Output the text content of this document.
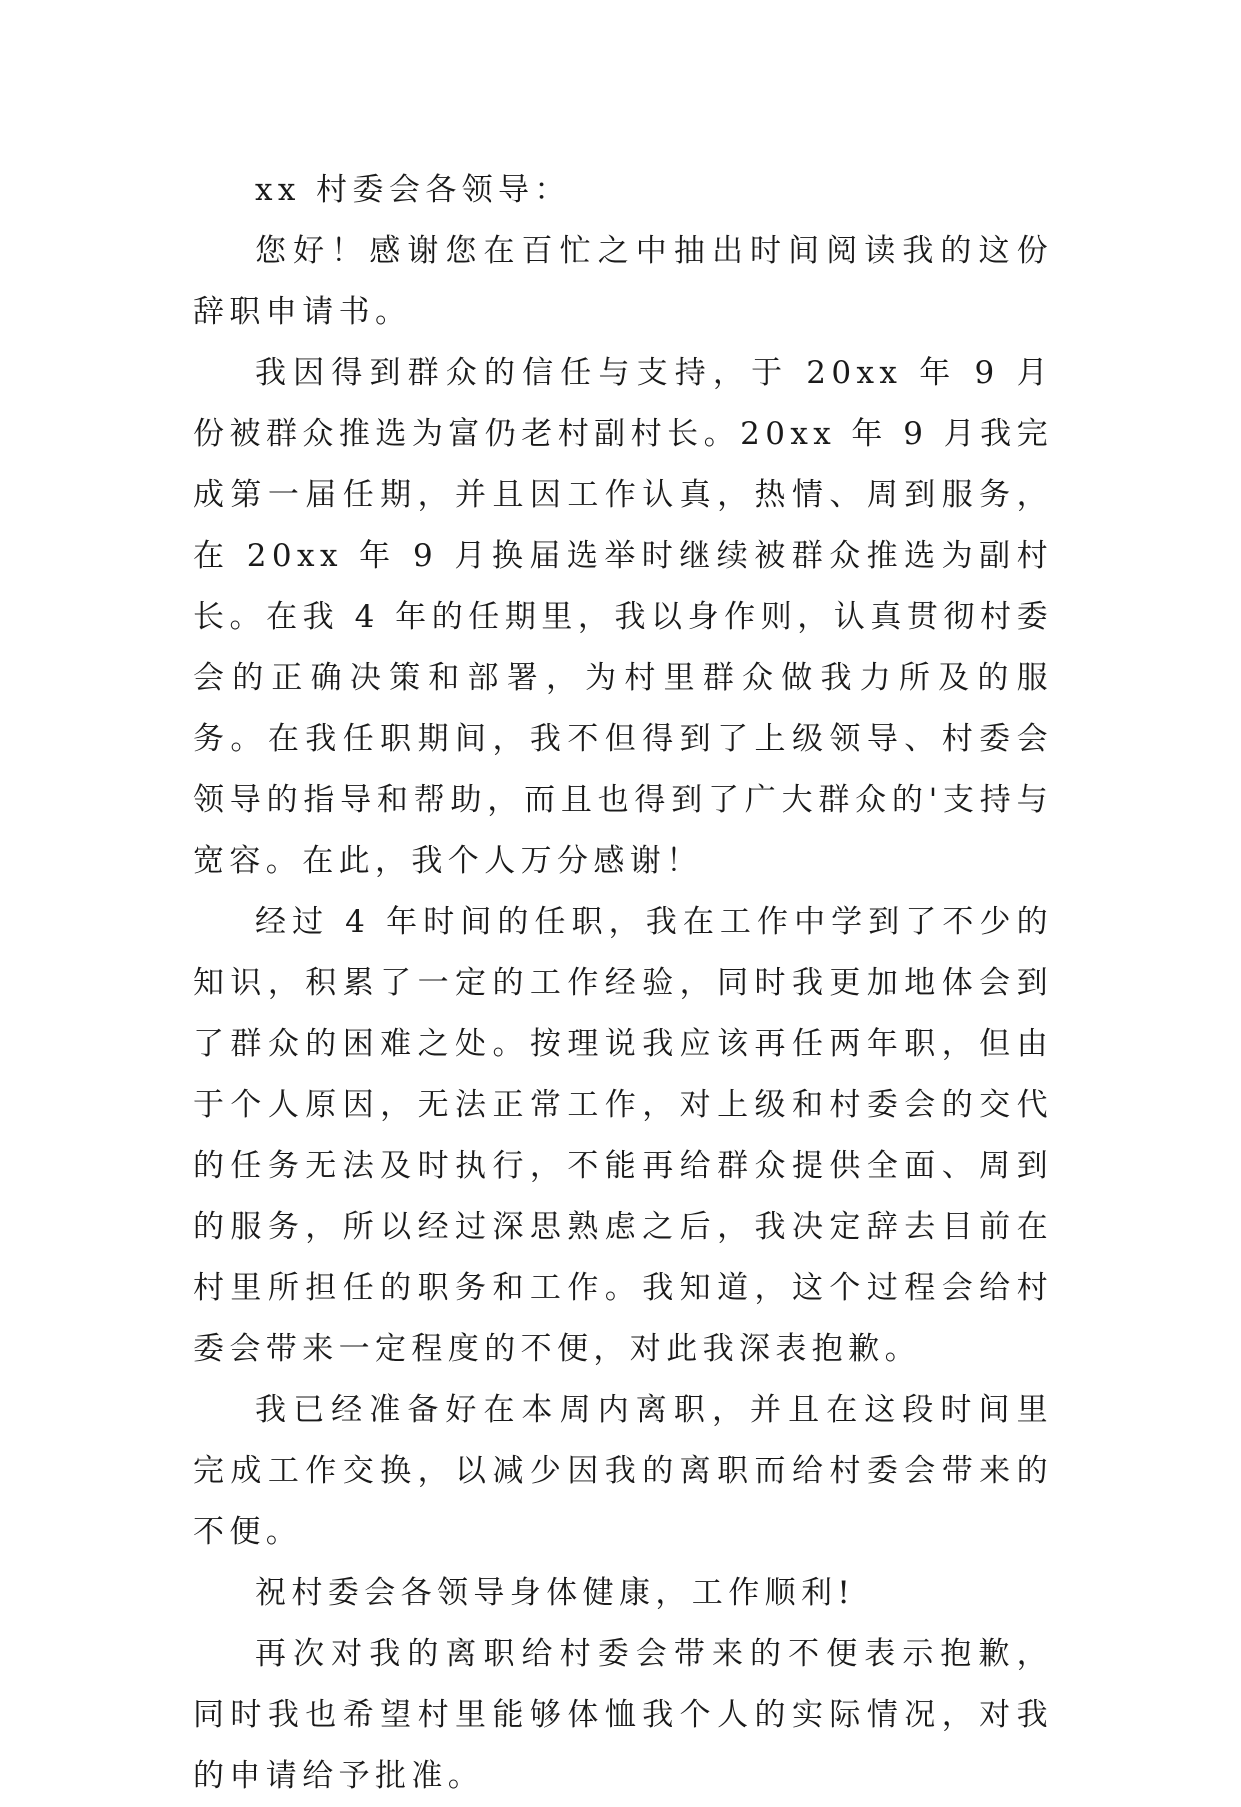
xx 村委会各领导：

您好！感谢您在百忙之中抽出时间阅读我的这份辞职申请书。

我因得到群众的信任与支持，于 20xx 年 9 月份被群众推选为富仍老村副村长。20xx 年 9 月我完成第一届任期，并且因工作认真，热情、周到服务，在 20xx 年 9 月换届选举时继续被群众推选为副村长。在我 4 年的任期里，我以身作则，认真贯彻村委会的正确决策和部署，为村里群众做我力所及的服务。在我任职期间，我不但得到了上级领导、村委会领导的指导和帮助，而且也得到了广大群众的'支持与宽容。在此，我个人万分感谢！

经过 4 年时间的任职，我在工作中学到了不少的知识，积累了一定的工作经验，同时我更加地体会到了群众的困难之处。按理说我应该再任两年职，但由于个人原因，无法正常工作，对上级和村委会的交代的任务无法及时执行，不能再给群众提供全面、周到的服务，所以经过深思熟虑之后，我决定辞去目前在村里所担任的职务和工作。我知道，这个过程会给村委会带来一定程度的不便，对此我深表抱歉。

我已经准备好在本周内离职，并且在这段时间里完成工作交换，以减少因我的离职而给村委会带来的不便。

祝村委会各领导身体健康，工作顺利!

再次对我的离职给村委会带来的不便表示抱歉，同时我也希望村里能够体恤我个人的实际情况，对我的申请给予批准。
